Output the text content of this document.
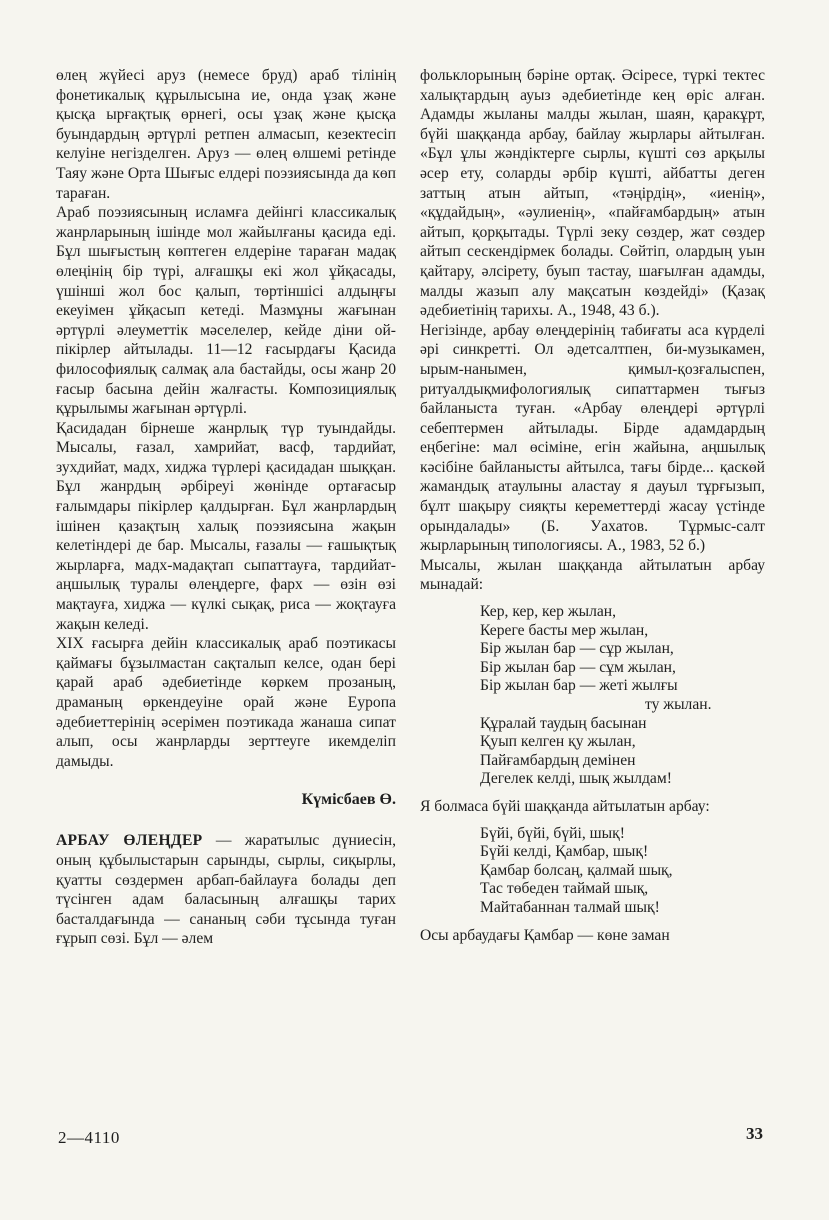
өлең жүйесі аруз (немесе бруд) араб тілінің фонетикалық құрылысына ие, онда ұзақ және қысқа ырғақтық өрнегі, осы ұзақ және қысқа буындардың әртүрлі ретпен алмасып, кезектесіп келуіне негізделген. Аруз — өлең өлшемі ретінде Таяу және Орта Шығыс елдері поэзиясында да көп тараған.

Араб поэзиясының исламға дейінгі классикалық жанрларының ішінде мол жайылғаны қасида еді. Бұл шығыстың көптеген елдеріне тараған мадақ өлеңінің бір түрі, алғашқы екі жол ұйқасады, үшінші жол бос қалып, төртіншісі алдыңғы екеуімен ұйқасып кетеді. Мазмұны жағынан әртүрлі әлеуметтік мәселелер, кейде діни ой-пікірлер айтылады. 11—12 ғасырдағы Қасида философиялық салмақ ала бастайды, осы жанр 20 ғасыр басына дейін жалғасты. Композициялық құрылымы жағынан әртүрлі.

Қасидадан бірнеше жанрлық түр туындайды. Мысалы, ғазал, хамрийат, васф, тардийат, зухдийат, мадх, хиджа түрлері қасидадан шыққан. Бұл жанрдың әрбіреуі жөнінде ортағасыр ғалымдары пікірлер қалдырған. Бұл жанрлардың ішінен қазақтың халық поэзиясына жақын келетіндері де бар. Мысалы, ғазалы — ғашықтық жырларға, мадх-мадақтап сыпаттауға, тардийат-аңшылық туралы өлеңдерге, фарх — өзін өзі мақтауға, хиджа — күлкі сықақ, риса — жоқтауға жақын келеді.

XIX ғасырға дейін классикалық араб поэтикасы қаймағы бұзылмастан сақталып келсе, одан бері қарай араб әдебиетінде көркем прозаның, драманың өркендеуіне орай және Еуропа әдебиеттерінің әсерімен поэтикада жанаша сипат алып, осы жанрларды зерттеуге икемделіп дамыды.

Күмісбаев Ө.

АРБАУ ӨЛЕҢДЕР — жаратылыс дүниесін, оның құбылыстарын сарынды, сырлы, сиқырлы, қуатты сөздермен арбап-байлауға болады деп түсінген адам баласының алғашқы тарих басталдағында — сананың сәби тұсында туған ғұрып сөзі. Бұл — әлем

фольклорының бәріне ортақ. Әсіресе, түркі тектес халықтардың ауыз әдебиетінде кең өріс алған. Адамды жыланы малды жылан, шаян, қаракұрт, бүйі шаққанда арбау, байлау жырлары айтылған. «Бұл ұлы жәндіктерге сырлы, күшті сөз арқылы әсер ету, соларды әрбір күшті, айбатты деген заттың атын айтып, «тәңірдің», «иенің», «құдайдың», «әулиенің», «пайғамбардың» атын айтып, қорқытады. Түрлі зеку сөздер, жат сөздер айтып сескендірмек болады. Сөйтіп, олардың уын қайтару, әлсірету, буып тастау, шағылған адамды, малды жазып алу мақсатын көздейді» (Қазақ әдебиетінің тарихы. А., 1948, 43 б.).

Негізінде, арбау өлеңдерінің табиғаты аса күрделі әрі синкретті. Ол әдетсалтпен, би-музыкамен, ырым-нанымен, қимыл-қозғалыспен, ритуалдықмифологиялық сипаттармен тығыз байланыста туған. «Арбау өлеңдері әртүрлі себептермен айтылады. Бірде адамдардың еңбегіне: мал өсіміне, егін жайына, аңшылық кәсібіне байланысты айтылса, тағы бірде... қаскөй жамандық атаулыны аластау я дауыл тұрғызып, бұлт шақыру сияқты кереметтерді жасау үстінде орындалады» (Б. Уахатов. Тұрмыс-салт жырларының типологиясы. А., 1983, 52 б.)

Мысалы, жылан шаққанда айтылатын арбау мынадай:

Кер, кер, кер жылан,
Кереге басты мер жылан,
Бір жылан бар — сұр жылан,
Бір жылан бар — сұм жылан,
Бір жылан бар — жеті жылғы
ту жылан.
Құралай таудың басынан
Қуып келген қу жылан,
Пайғамбардың демінен
Дегелек келді, шық жылдам!

Я болмаса бүйі шаққанда айтылатын арбау:

Бүйі, бүйі, бүйі, шық!
Бүйі келді, Қамбар, шық!
Қамбар болсаң, қалмай шық,
Тас төбеден таймай шық,
Майтабаннан талмай шық!

Осы арбаудағы Қамбар — көне заман

2—4110	33
